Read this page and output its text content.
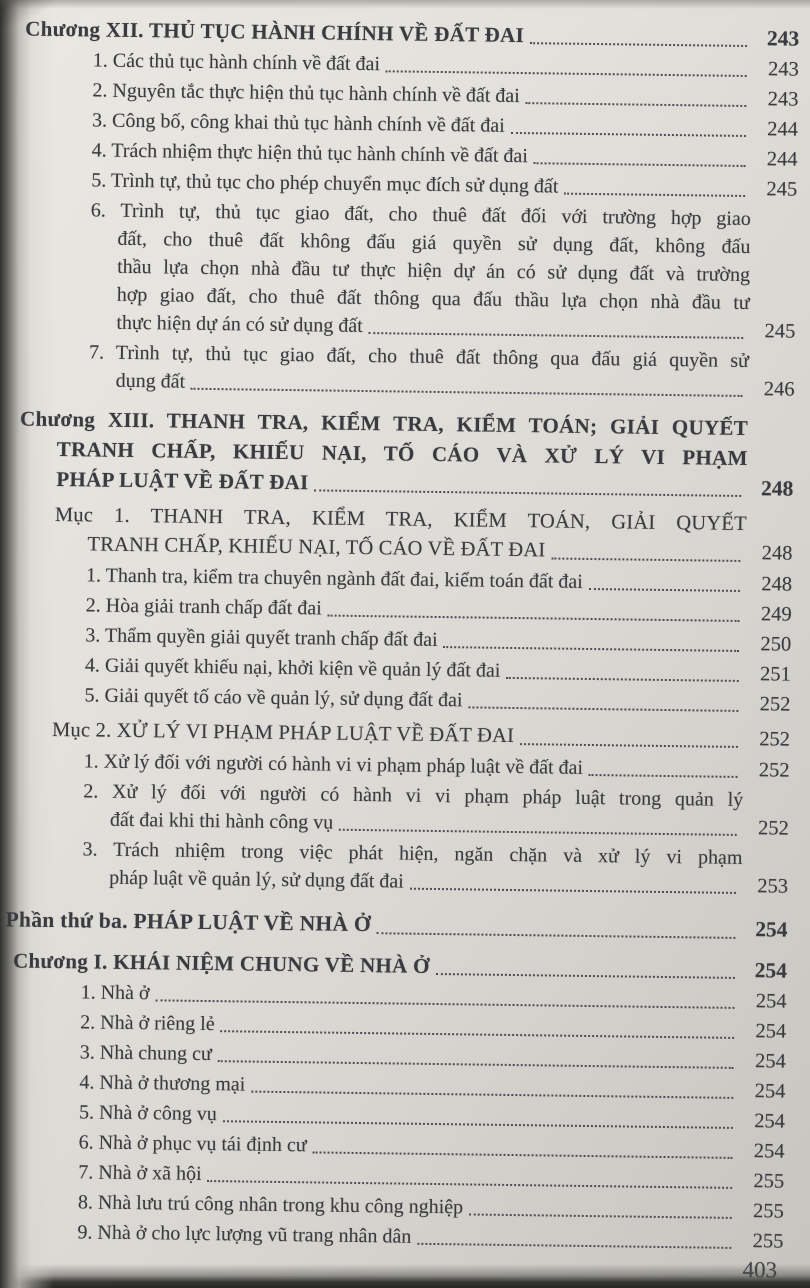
Chương XII. THỦ TỤC HÀNH CHÍNH VỀ ĐẤT ĐAI	243
1. Các thủ tục hành chính về đất đai	243
2. Nguyên tắc thực hiện thủ tục hành chính về đất đai	243
3. Công bố, công khai thủ tục hành chính về đất đai	244
4. Trách nhiệm thực hiện thủ tục hành chính về đất đai	244
5. Trình tự, thủ tục cho phép chuyển mục đích sử dụng đất	245
6. Trình tự, thủ tục giao đất, cho thuê đất đối với trường hợp giao
đất, cho thuê đất không đấu giá quyền sử dụng đất, không đấu
thầu lựa chọn nhà đầu tư thực hiện dự án có sử dụng đất và trường
hợp giao đất, cho thuê đất thông qua đấu thầu lựa chọn nhà đầu tư
thực hiện dự án có sử dụng đất	245
7. Trình tự, thủ tục giao đất, cho thuê đất thông qua đấu giá quyền sử
dụng đất	246
Chương XIII. THANH TRA, KIỂM TRA, KIỂM TOÁN; GIẢI QUYẾT
TRANH CHẤP, KHIẾU NẠI, TỐ CÁO VÀ XỬ LÝ VI PHẠM
PHÁP LUẬT VỀ ĐẤT ĐAI	248
Mục 1. THANH TRA, KIỂM TRA, KIỂM TOÁN, GIẢI QUYẾT
TRANH CHẤP, KHIẾU NẠI, TỐ CÁO VỀ ĐẤT ĐAI	248
1. Thanh tra, kiểm tra chuyên ngành đất đai, kiểm toán đất đai	248
2. Hòa giải tranh chấp đất đai	249
3. Thẩm quyền giải quyết tranh chấp đất đai	250
4. Giải quyết khiếu nại, khởi kiện về quản lý đất đai	251
5. Giải quyết tố cáo về quản lý, sử dụng đất đai	252
Mục 2. XỬ LÝ VI PHẠM PHÁP LUẬT VỀ ĐẤT ĐAI	252
1. Xử lý đối với người có hành vi vi phạm pháp luật về đất đai	252
2. Xử lý đối với người có hành vi vi phạm pháp luật trong quản lý
đất đai khi thi hành công vụ	252
3. Trách nhiệm trong việc phát hiện, ngăn chặn và xử lý vi phạm
pháp luật về quản lý, sử dụng đất đai	253
Phần thứ ba. PHÁP LUẬT VỀ NHÀ Ở	254
Chương I. KHÁI NIỆM CHUNG VỀ NHÀ Ở	254
1. Nhà ở	254
2. Nhà ở riêng lẻ	254
3. Nhà chung cư	254
4. Nhà ở thương mại	254
5. Nhà ở công vụ	254
6. Nhà ở phục vụ tái định cư	254
7. Nhà ở xã hội	255
8. Nhà lưu trú công nhân trong khu công nghiệp	255
9. Nhà ở cho lực lượng vũ trang nhân dân	255
403
